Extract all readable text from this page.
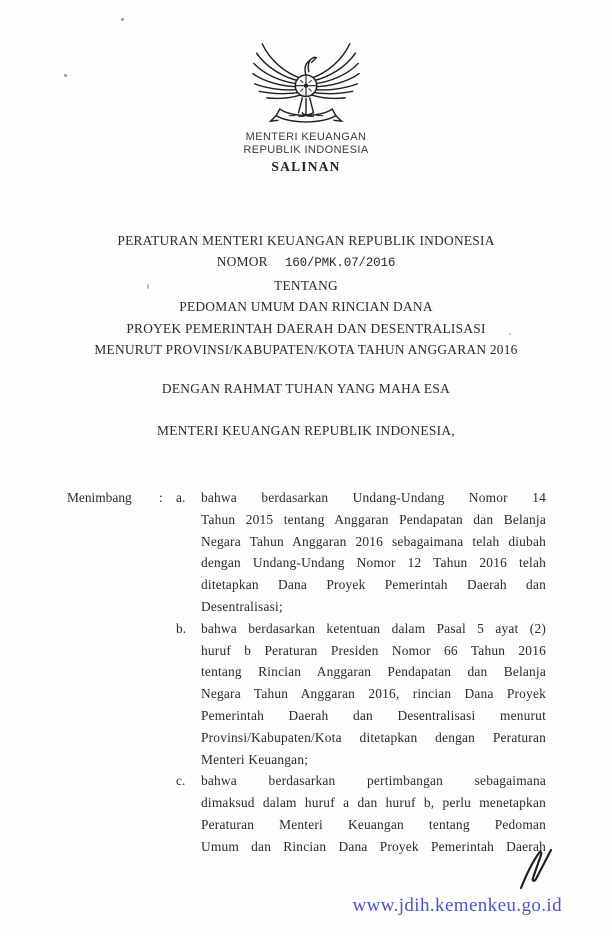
MENTERI KEUANGAN
REPUBLIK INDONESIA
SALINAN
PERATURAN MENTERI KEUANGAN REPUBLIK INDONESIA
NOMOR 160/PMK.07/2016
TENTANG
PEDOMAN UMUM DAN RINCIAN DANA
PROYEK PEMERINTAH DAERAH DAN DESENTRALISASI
MENURUT PROVINSI/KABUPATEN/KOTA TAHUN ANGGARAN 2016
DENGAN RAHMAT TUHAN YANG MAHA ESA
MENTERI KEUANGAN REPUBLIK INDONESIA,
Menimbang	: a.	bahwa berdasarkan Undang-Undang Nomor 14
Tahun 2015 tentang Anggaran Pendapatan dan Belanja
Negara Tahun Anggaran 2016 sebagaimana telah diubah
dengan Undang-Undang Nomor 12 Tahun 2016 telah
ditetapkan Dana Proyek Pemerintah Daerah dan
Desentralisasi;
b.	bahwa berdasarkan ketentuan dalam Pasal 5 ayat (2)
huruf b Peraturan Presiden Nomor 66 Tahun 2016
tentang Rincian Anggaran Pendapatan dan Belanja
Negara Tahun Anggaran 2016, rincian Dana Proyek
Pemerintah Daerah dan Desentralisasi menurut
Provinsi/Kabupaten/Kota ditetapkan dengan Peraturan
Menteri Keuangan;
c.	bahwa berdasarkan pertimbangan sebagaimana
dimaksud dalam huruf a dan huruf b, perlu menetapkan
Peraturan Menteri Keuangan tentang Pedoman
Umum dan Rincian Dana Proyek Pemerintah Daerah
www.jdih.kemenkeu.go.id
